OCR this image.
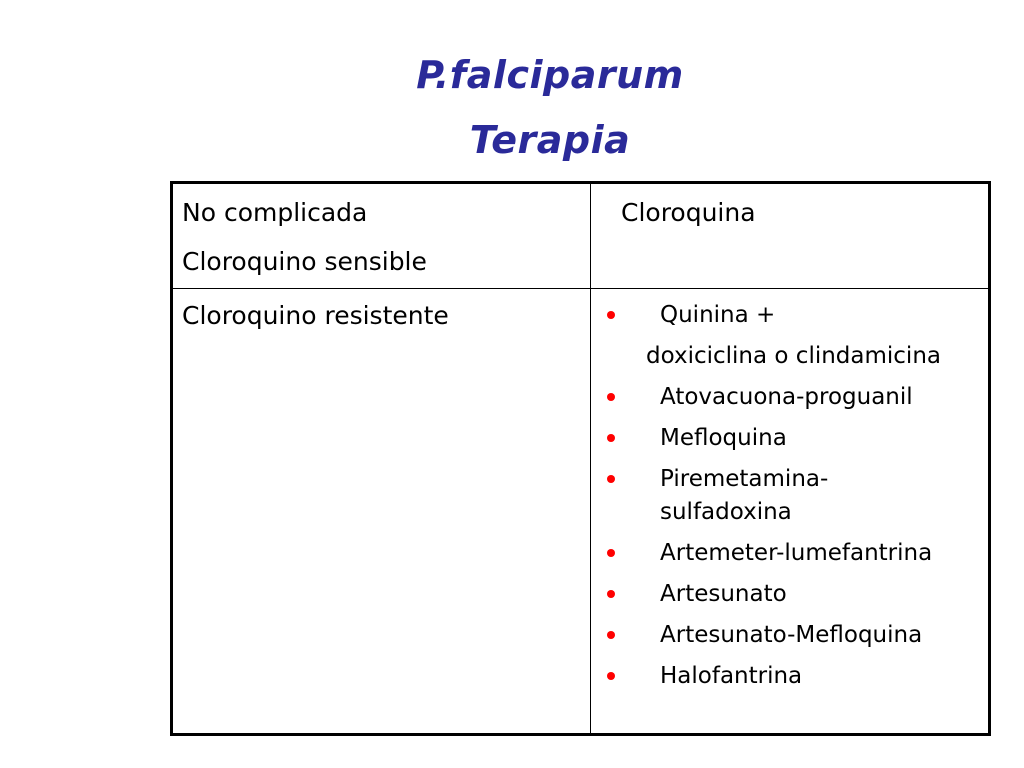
P.falciparum
Terapia
No complicada
Cloroquino sensible
Cloroquina
Cloroquino resistente	Quinina +
doxiciclina o clindamicina
Atovacuona-proguanil
Mefloquina
Piremetamina-sulfadoxina
Artemeter-lumefantrina
Artesunato
Artesunato-Mefloquina
Halofantrina
